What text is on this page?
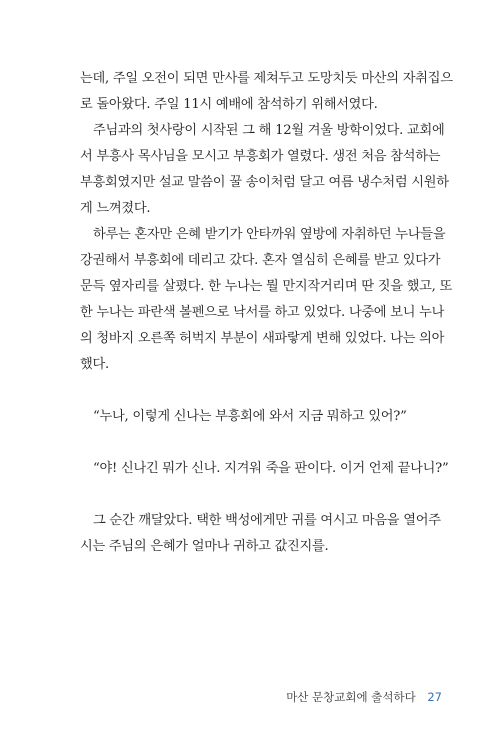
는데, 주일 오전이 되면 만사를 제쳐두고 도망치듯 마산의 자취집으
로 돌아왔다. 주일 11시 예배에 참석하기 위해서였다.
주님과의 첫사랑이 시작된 그 해 12월 겨울 방학이었다. 교회에
서 부흥사 목사님을 모시고 부흥회가 열렸다. 생전 처음 참석하는
부흥회였지만 설교 말씀이 꿀 송이처럼 달고 여름 냉수처럼 시원하
게 느껴졌다.
하루는 혼자만 은혜 받기가 안타까워 옆방에 자취하던 누나들을
강권해서 부흥회에 데리고 갔다. 혼자 열심히 은혜를 받고 있다가
문득 옆자리를 살폈다. 한 누나는 뭘 만지작거리며 딴 짓을 했고, 또
한 누나는 파란색 볼펜으로 낙서를 하고 있었다. 나중에 보니 누나
의 청바지 오른쪽 허벅지 부분이 새파랗게 변해 있었다. 나는 의아
했다.
“누나, 이렇게 신나는 부흥회에 와서 지금 뭐하고 있어?”
“야! 신나긴 뭐가 신나. 지겨워 죽을 판이다. 이거 언제 끝나니?”
그 순간 깨달았다. 택한 백성에게만 귀를 여시고 마음을 열어주
시는 주님의 은혜가 얼마나 귀하고 값진지를.
마산 문창교회에 출석하다 27
